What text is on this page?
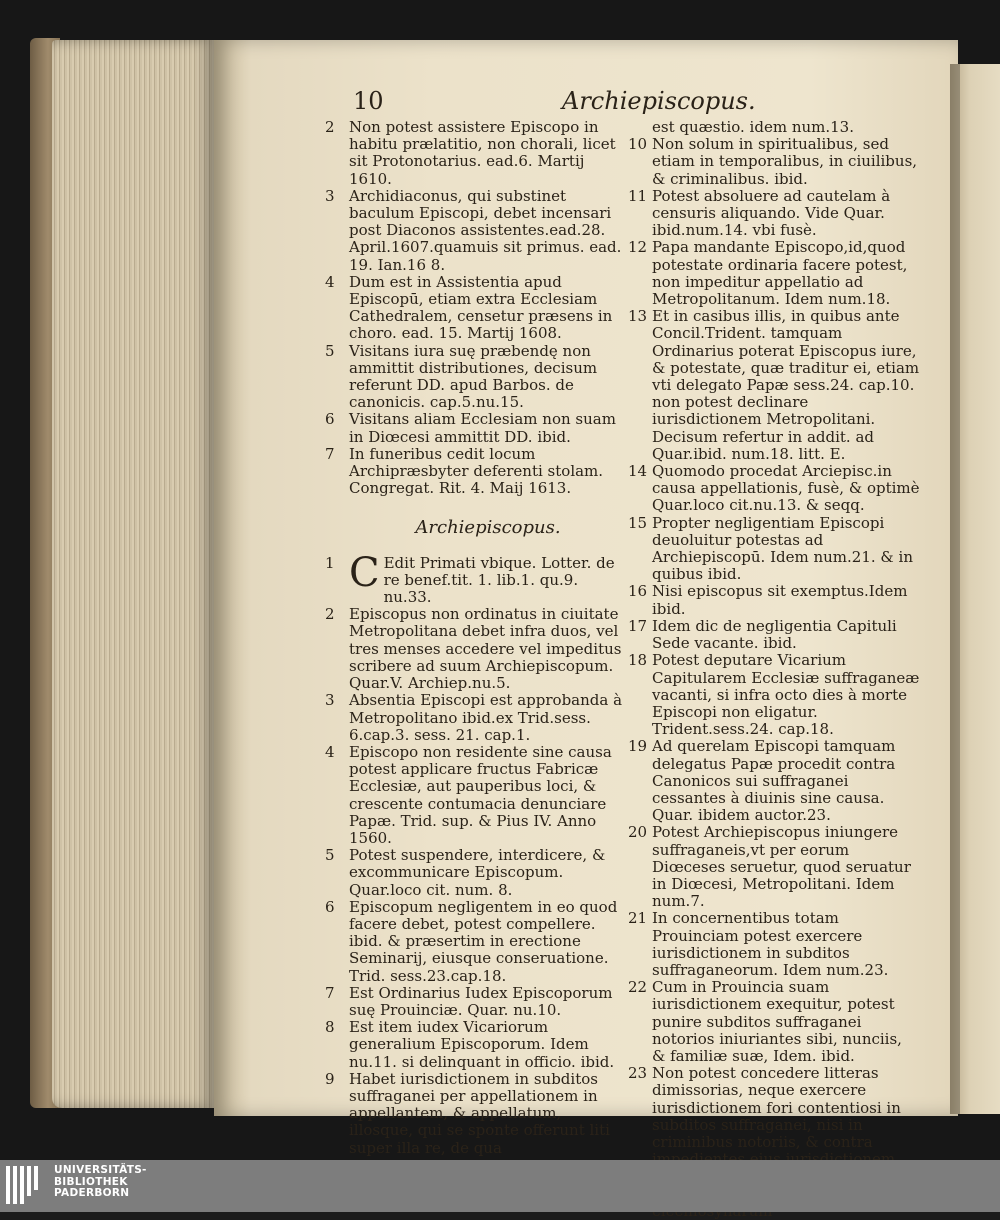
10	Archiepiscopus.

2 Non potest assistere Episcopo in habitu prælatitio, non chorali, licet sit Protonotarius. ead.6. Martij 1610.

3 Archidiaconus, qui substinet baculum Episcopi, debet incensari post Diaconos assistentes.ead.28. April.1607.quamuis sit primus. ead. 19. Ian.16 8.

4 Dum est in Assistentia apud Episcopū, etiam extra Ecclesiam Cathedralem, censetur præsens in choro. ead. 15. Martij 1608.

5 Visitans iura suę præbendę non ammittit distributiones, decisum referunt DD. apud Barbos. de canonicis. cap.5.nu.15.

6 Visitans aliam Ecclesiam non suam in Diœcesi ammittit DD. ibid.

7 In funeribus cedit locum Archipræsbyter deferenti stolam. Congregat. Rit. 4. Maij 1613.

Archiepiscopus.

1 C Edit Primati vbique. Lotter. de re benef.tit. 1. lib.1. qu.9. nu.33.

2 Episcopus non ordinatus in ciuitate Metropolitana debet infra duos, vel tres menses accedere vel impeditus scribere ad suum Archiepiscopum. Quar.V. Archiep.nu.5.

3 Absentia Episcopi est approbanda à Metropolitano ibid.ex Trid.sess. 6.cap.3. sess. 21. cap.1.

4 Episcopo non residente sine causa potest applicare fructus Fabricæ Ecclesiæ, aut pauperibus loci, & crescente contumacia denunciare Papæ. Trid. sup. & Pius IV. Anno 1560.

5 Potest suspendere, interdicere, & excommunicare Episcopum. Quar.loco cit. num. 8.

6 Episcopum negligentem in eo quod facere debet, potest compellere. ibid. & præsertim in erectione Seminarij, eiusque conseruatione. Trid. sess.23.cap.18.

7 Est Ordinarius Iudex Episcoporum suę Prouinciæ. Quar. nu.10.

8 Est item iudex Vicariorum generalium Episcoporum. Idem nu.11. si delinquant in officio. ibid.

9 Habet iurisdictionem in subditos suffraganei per appellationem in appellantem, & appellatum, illosque, qui se sponte offerunt liti super illa re, de qua

est quæstio. idem num.13.

10 Non solum in spiritualibus, sed etiam in temporalibus, in ciuilibus, & criminalibus. ibid.

11 Potest absoluere ad cautelam à censuris aliquando. Vide Quar. ibid.num.14. vbi fusè.

12 Papa mandante Episcopo,id,quod potestate ordinaria facere potest, non impeditur appellatio ad Metropolitanum. Idem num.18.

13 Et in casibus illis, in quibus ante Concil.Trident. tamquam Ordinarius poterat Episcopus iure, & potestate, quæ traditur ei, etiam vti delegato Papæ sess.24. cap.10. non potest declinare iurisdictionem Metropolitani. Decisum refertur in addit. ad Quar.ibid. num.18. litt. E.

14 Quomodo procedat Arciepisc.in causa appellationis, fusè, & optimè Quar.loco cit.nu.13. & seqq.

15 Propter negligentiam Episcopi deuoluitur potestas ad Archiepiscopū. Idem num.21. & in quibus ibid.

16 Nisi episcopus sit exemptus.Idem ibid.

17 Idem dic de negligentia Capituli Sede vacante. ibid.

18 Potest deputare Vicarium Capitularem Ecclesiæ suffraganeæ vacanti, si infra octo dies à morte Episcopi non eligatur. Trident.sess.24. cap.18.

19 Ad querelam Episcopi tamquam delegatus Papæ procedit contra Canonicos sui suffraganei cessantes à diuinis sine causa. Quar. ibidem auctor.23.

20 Potest Archiepiscopus iniungere suffraganeis,vt per eorum Diœceses seruetur, quod seruatur in Diœcesi, Metropolitani. Idem num.7.

21 In concernentibus totam Prouinciam potest exercere iurisdictionem in subditos suffraganeorum. Idem num.23.

22 Cum in Prouincia suam iurisdictionem exequitur, potest punire subditos suffraganei notorios iniuriantes sibi, nunciis, & familiæ suæ, Idem. ibid.

23 Non potest concedere litteras dimissorias, neque exercere iurisdictionem fori contentiosi in subditos suffraganei, nisi in criminibus notoriis, & contra

UNIVERSITÄTS-
BIBLIOTHEK
PADERBORN
